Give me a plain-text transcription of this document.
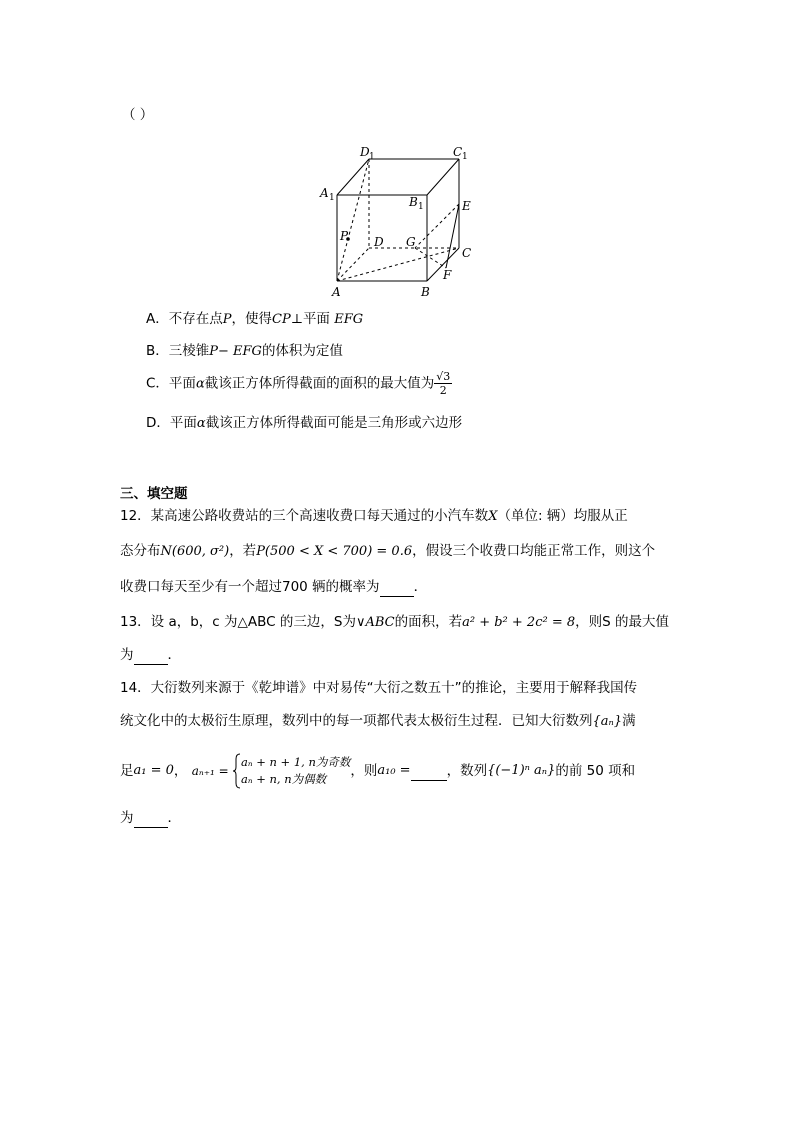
（ ）
D 1	C 1
A 1	B 1	E
P D G
C
F
A	B
A．不存在点P，使得CP⊥平面 EFG
B．三棱锥P− EFG的体积为定值
C．平面α截该正方体所得截面的面积的最大值为 $\frac{√3}{2}$
D．平面α截该正方体所得截面可能是三角形或六边形
三、填空题
12．某高速公路收费站的三个高速收费口每天通过的小汽车数X（单位: 辆）均服从正
态分布N(600, σ²)，若P(500 < X < 700) = 0.6，假设三个收费口均能正常工作，则这个
收费口每天至少有一个超过700 辆的概率为	．
13．设 a，b，c 为△ABC 的三边，S为∨ABC的面积，若a² + b² + 2c² = 8，则S 的最大值
为	．
14．大衍数列来源于《乾坤谱》中对易传“大衍之数五十”的推论，主要用于解释我国传
统文化中的太极衍生原理，数列中的每一项都代表太极衍生过程．已知大衍数列{aₙ}满
足a₁ = 0， aₙ₊₁ =
aₙ + n + 1, n为奇数
aₙ + n, n为偶数	，则a₁₀ =	，数列{(−1)ⁿ aₙ}的前 50 项和
为	．
